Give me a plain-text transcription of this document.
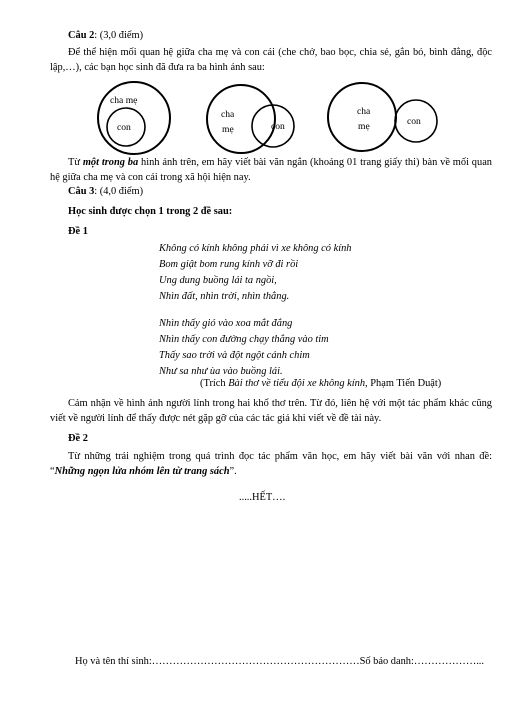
Câu 2: (3,0 điểm)
Để thể hiện mối quan hệ giữa cha mẹ và con cái (che chở, bao bọc, chia sẻ, gắn bó, bình đẳng, độc lập,…), các bạn học sinh đã đưa ra ba hình ảnh sau:
cha mẹ
con
cha
mẹ	con
cha
mẹ	con
Từ một trong ba hình ảnh trên, em hãy viết bài văn ngắn (khoảng 01 trang giấy thi) bàn về mối quan hệ giữa cha mẹ và con cái trong xã hội hiện nay.
Câu 3: (4,0 điểm)
Học sinh được chọn 1 trong 2 đề sau:
Đề 1
Không có kính không phải vì xe không có kính
Bom giật bom rung kính vỡ đi rồi
Ung dung buồng lái ta ngồi,
Nhìn đất, nhìn trời, nhìn thẳng.
Nhìn thấy gió vào xoa mắt đắng
Nhìn thấy con đường chạy thẳng vào tim
Thấy sao trời và đột ngột cánh chim
Như sa như ùa vào buồng lái.
(Trích Bài thơ về tiểu đội xe không kính, Phạm Tiến Duật)
Cảm nhận về hình ảnh người lính trong hai khổ thơ trên. Từ đó, liên hệ với một tác phẩm khác cũng viết về người lính để thấy được nét gặp gỡ của các tác giả khi viết về đề tài này.
Đề 2
Từ những trải nghiệm trong quá trình đọc tác phẩm văn học, em hãy viết bài văn với nhan đề: “Những ngọn lửa nhóm lên từ trang sách”.
.....HẾT….
Họ và tên thí sinh:……………………………………………………Số báo danh:………………...
